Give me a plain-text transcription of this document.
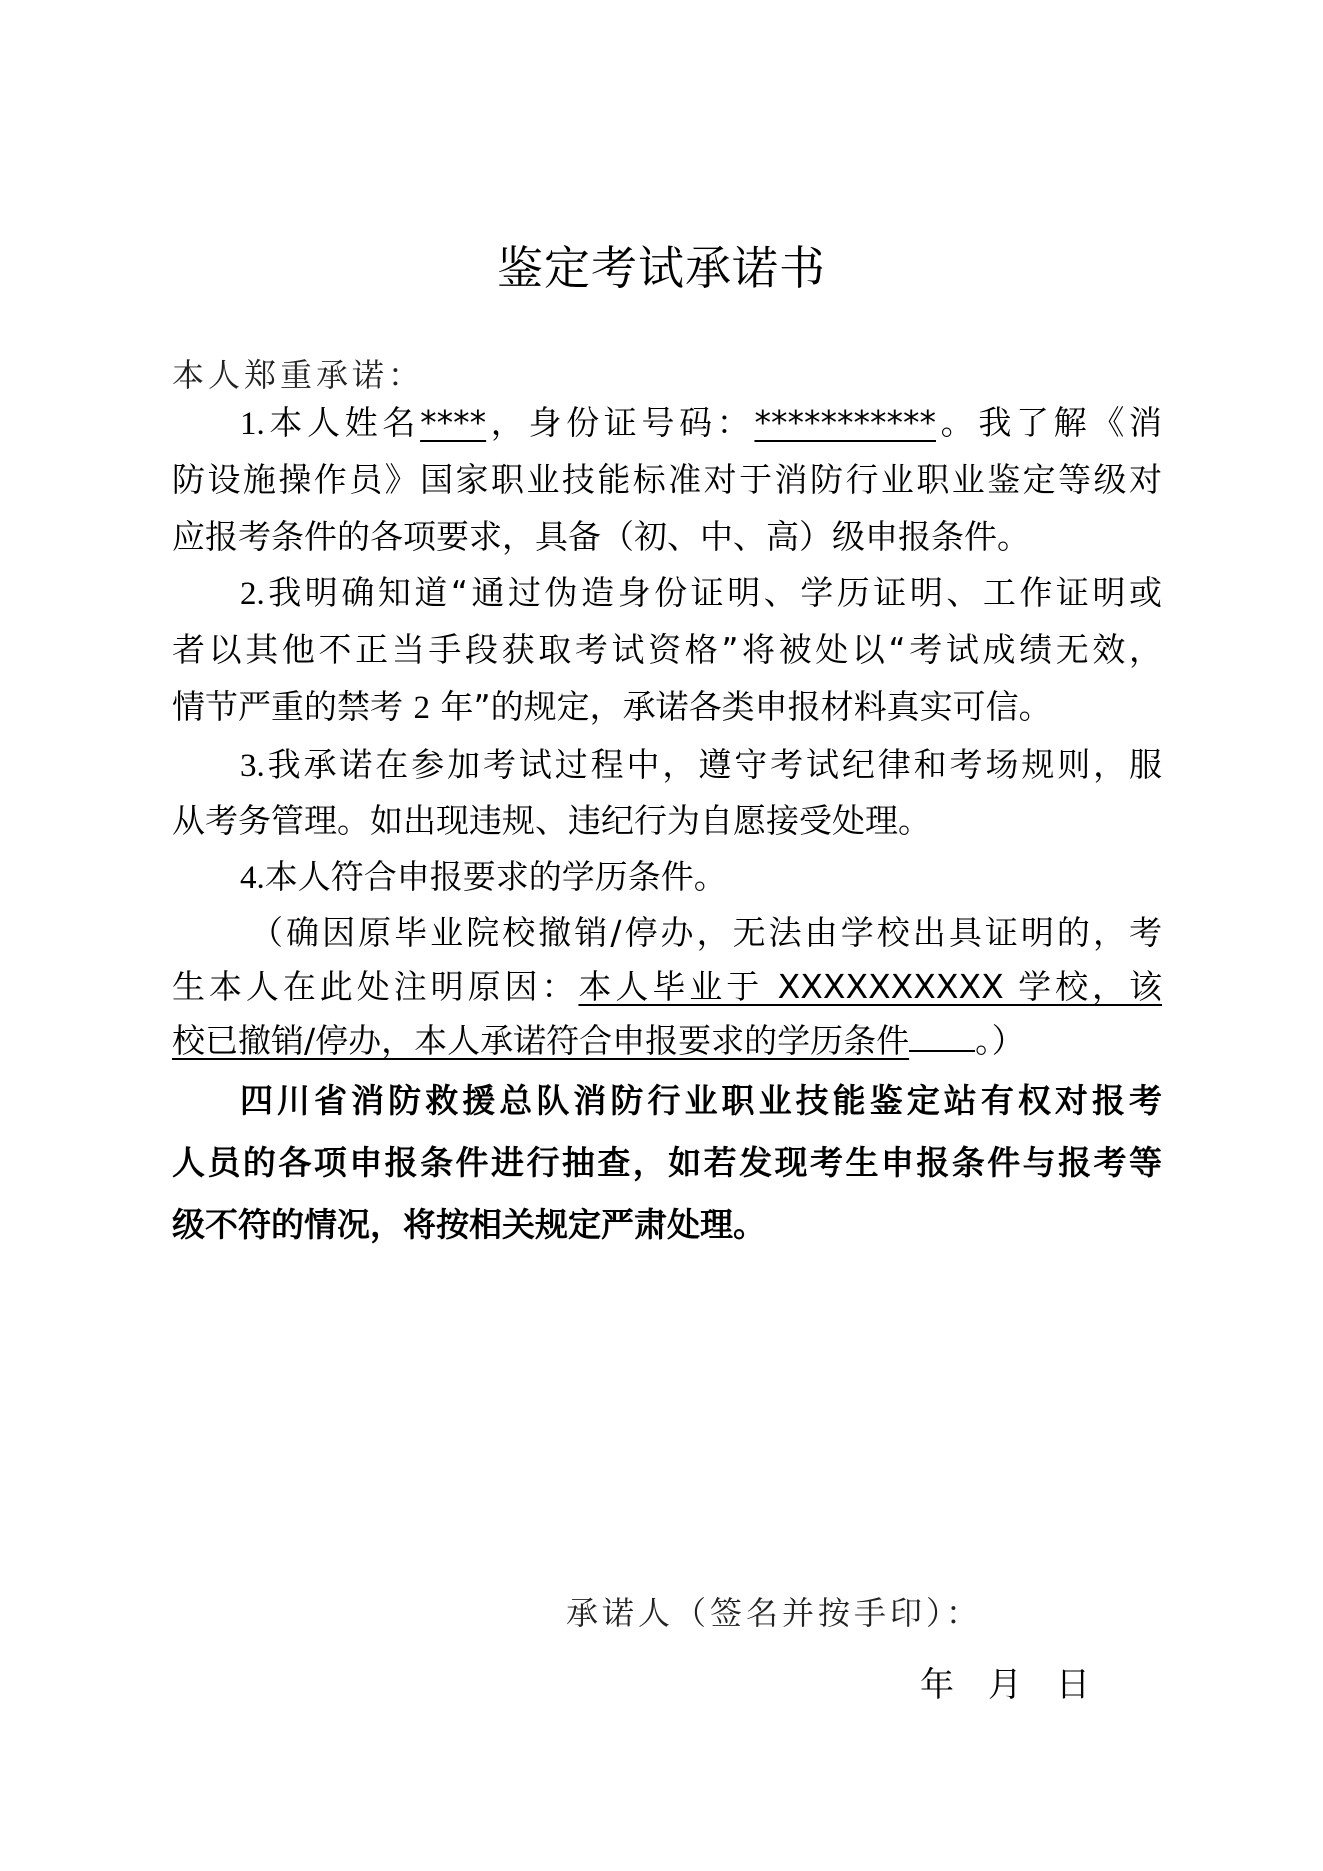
鉴定考试承诺书
本人郑重承诺：
1.本人姓名****，身份证号码：***********。我了解《消
防设施操作员》国家职业技能标准对于消防行业职业鉴定等级对
应报考条件的各项要求，具备（初、中、高）级申报条件。
2.我明确知道“通过伪造身份证明、学历证明、工作证明或
者以其他不正当手段获取考试资格”将被处以“考试成绩无效，
情节严重的禁考 2 年”的规定，承诺各类申报材料真实可信。
3.我承诺在参加考试过程中，遵守考试纪律和考场规则，服
从考务管理。如出现违规、违纪行为自愿接受处理。
4.本人符合申报要求的学历条件。
（确因原毕业院校撤销/停办，无法由学校出具证明的，考
生本人在此处注明原因：本人毕业于 XXXXXXXXXX 学校，该
校已撤销/停办，本人承诺符合申报要求的学历条件 。）
四川省消防救援总队消防行业职业技能鉴定站有权对报考
人员的各项申报条件进行抽查，如若发现考生申报条件与报考等
级不符的情况，将按相关规定严肃处理。
承诺人（签名并按手印）：
年 月 日
